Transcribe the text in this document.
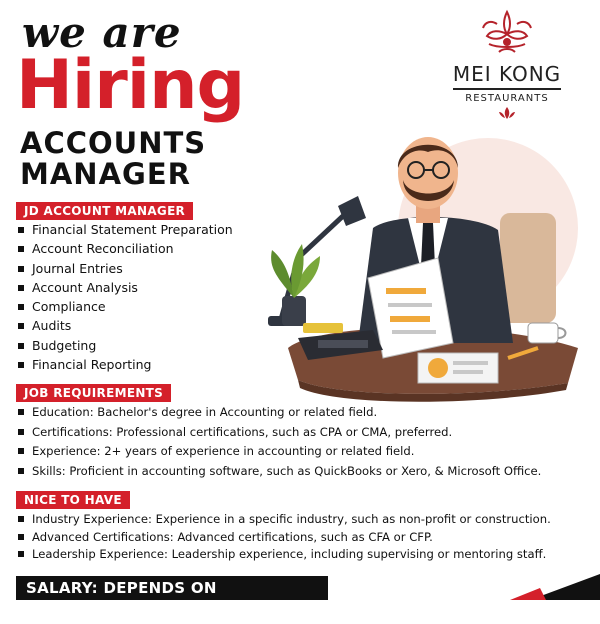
we are
Hiring
ACCOUNTS
MANAGER
MEI KONG
RESTAURANTS
JD ACCOUNT MANAGER
Financial Statement Preparation
Account Reconciliation
Journal Entries
Account Analysis
Compliance
Audits
Budgeting
Financial Reporting
JOB REQUIREMENTS
Education: Bachelor's degree in Accounting or related field.
Certifications: Professional certifications, such as CPA or CMA, preferred.
Experience: 2+ years of experience in accounting or related field.
Skills: Proficient in accounting software, such as QuickBooks or Xero, & Microsoft Office.
NICE TO HAVE
Industry Experience: Experience in a specific industry, such as non-profit or construction.
Advanced Certifications: Advanced certifications, such as CFA or CFP.
Leadership Experience: Leadership experience, including supervising or mentoring staff.
SALARY: DEPENDS ON EXPERIENCE
